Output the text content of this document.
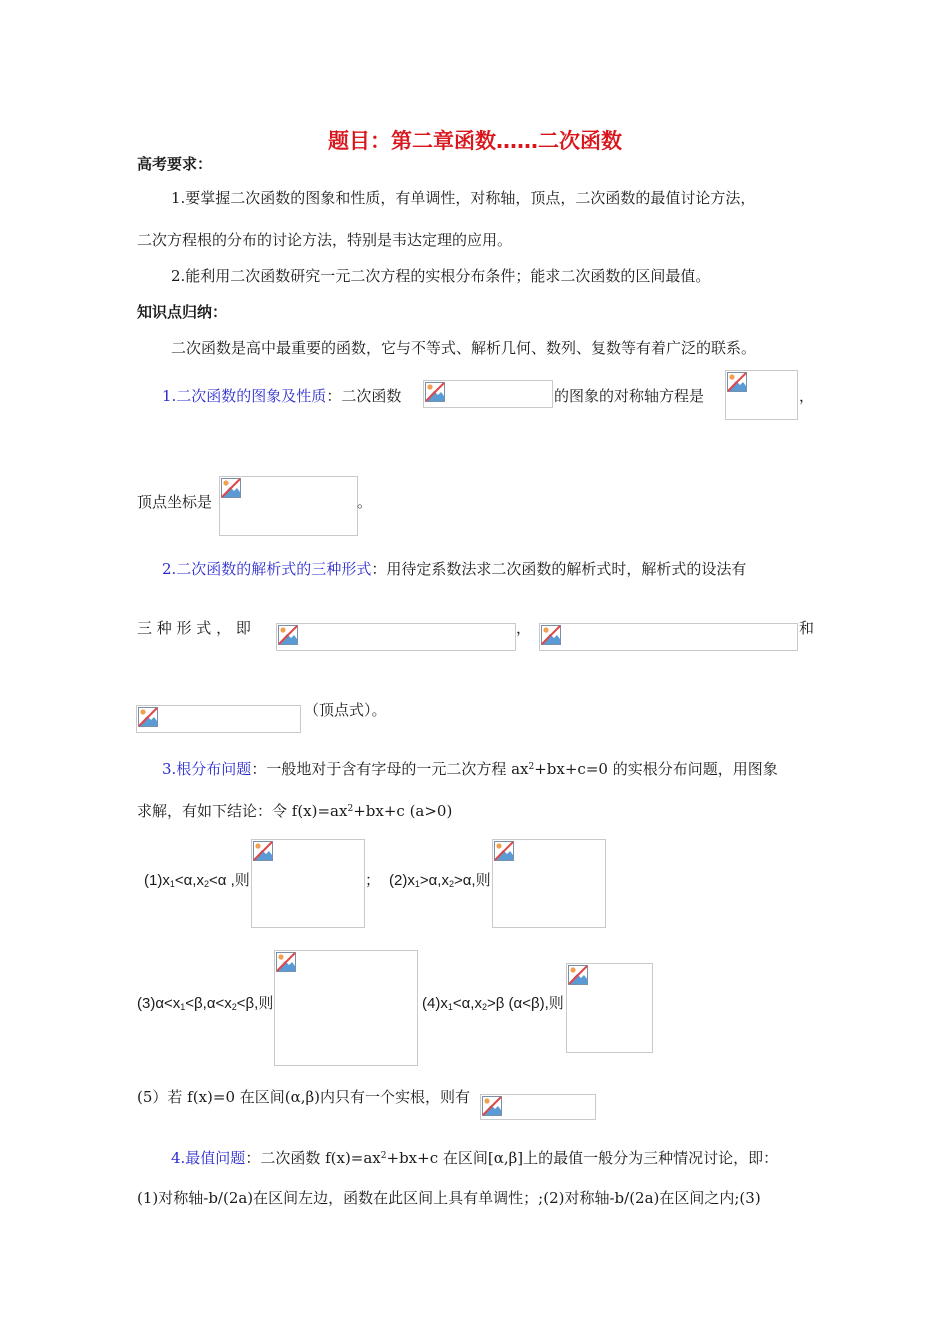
题目：第二章函数……二次函数
高考要求：
1.要掌握二次函数的图象和性质，有单调性，对称轴，顶点，二次函数的最值讨论方法，
二次方程根的分布的讨论方法，特别是韦达定理的应用。
2.能利用二次函数研究一元二次方程的实根分布条件；能求二次函数的区间最值。
知识点归纳：
二次函数是高中最重要的函数，它与不等式、解析几何、数列、复数等有着广泛的联系。
1.二次函数的图象及性质：二次函数	的图象的对称轴方程是	，
顶点坐标是	。
2.二次函数的解析式的三种形式：用待定系数法求二次函数的解析式时，解析式的设法有
三 种 形 式 ， 即	，	和
（顶点式）。
3.根分布问题：一般地对于含有字母的一元二次方程 $ax^2+bx+c=0$ 的实根分布问题，用图象
求解，有如下结论：令 $f(x)=ax^2+bx+c$ (a>0)
$(1)x_1<\alpha,x_2<\alpha$ ,则	； $(2)x_1>\alpha,x_2>\alpha$,则
$(3)\alpha<x_1<\beta,\alpha<x_2<\beta$,则	$(4)x_1<\alpha,x_2>\beta$ (α<β),则
(5）若 f(x)=0 在区间(α,β)内只有一个实根，则有
4.最值问题：二次函数 $f(x)=ax^2+bx+c$ 在区间[α,β]上的最值一般分为三种情况讨论，即：
(1)对称轴-b/(2a)在区间左边，函数在此区间上具有单调性；;(2)对称轴-b/(2a)在区间之内;(3)
